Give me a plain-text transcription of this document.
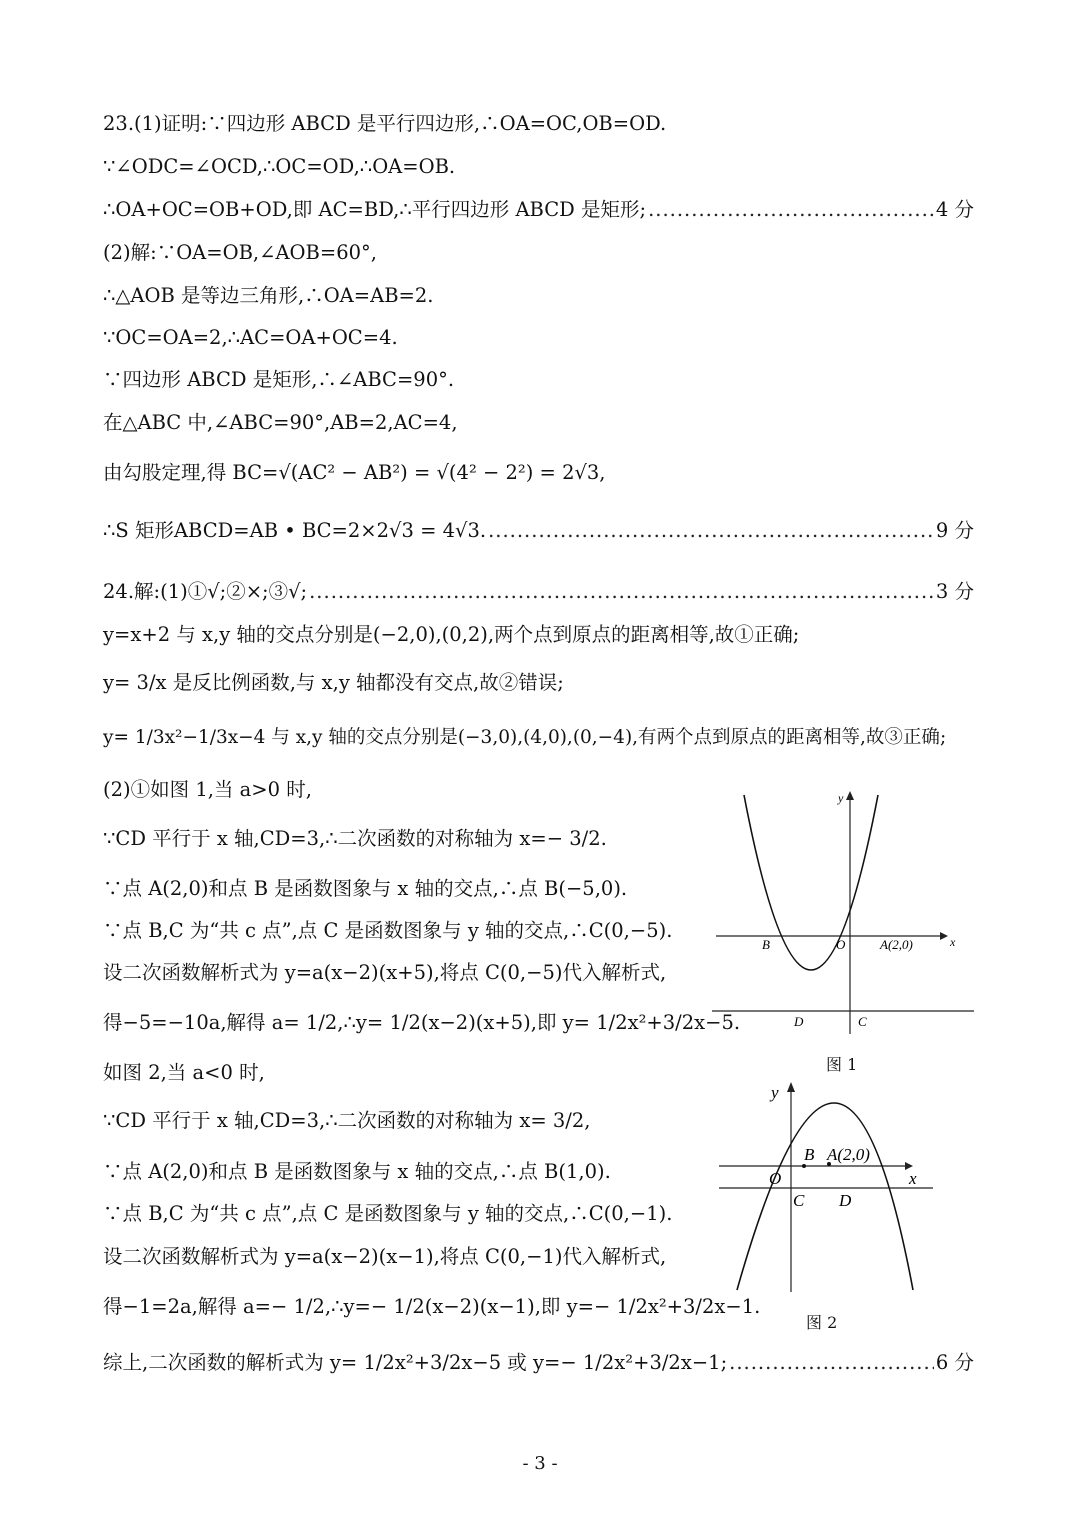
23.(1)证明:∵四边形 ABCD 是平行四边形,∴OA=OC,OB=OD.
∵∠ODC=∠OCD,∴OC=OD,∴OA=OB.
∴OA+OC=OB+OD,即 AC=BD,∴平行四边形 ABCD 是矩形; .....	4 分
(2)解:∵OA=OB,∠AOB=60°,
∴△AOB 是等边三角形,∴OA=AB=2.
∵OC=OA=2,∴AC=OA+OC=4.
∵四边形 ABCD 是矩形,∴∠ABC=90°.
在△ABC 中,∠ABC=90°,AB=2,AC=4,
由勾股定理,得 BC=√(AC² − AB²) = √(4² − 2²) = 2√3,
∴S 矩形ABCD=AB • BC=2×2√3 = 4√3. .....	9 分
24.解:(1)①√;②×;③√; .....	3 分
y=x+2 与 x,y 轴的交点分别是(−2,0),(0,2),两个点到原点的距离相等,故①正确;
y= 3/x 是反比例函数,与 x,y 轴都没有交点,故②错误;
y= 1/3x²−1/3x−4 与 x,y 轴的交点分别是(−3,0),(4,0),(0,−4),有两个点到原点的距离相等,故③正确;
(2)①如图 1,当 a>0 时,
∵CD 平行于 x 轴,CD=3,∴二次函数的对称轴为 x=− 3/2.
∵点 A(2,0)和点 B 是函数图象与 x 轴的交点,∴点 B(−5,0).
∵点 B,C 为“共 c 点”,点 C 是函数图象与 y 轴的交点,∴C(0,−5).
设二次函数解析式为 y=a(x−2)(x+5),将点 C(0,−5)代入解析式,
得−5=−10a,解得 a= 1/2,∴y= 1/2(x−2)(x+5),即 y= 1/2x²+3/2x−5.
如图 2,当 a<0 时,
∵CD 平行于 x 轴,CD=3,∴二次函数的对称轴为 x= 3/2,
∵点 A(2,0)和点 B 是函数图象与 x 轴的交点,∴点 B(1,0).
∵点 B,C 为“共 c 点”,点 C 是函数图象与 y 轴的交点,∴C(0,−1).
设二次函数解析式为 y=a(x−2)(x−1),将点 C(0,−1)代入解析式,
得−1=2a,解得 a=− 1/2,∴y=− 1/2(x−2)(x−1),即 y=− 1/2x²+3/2x−1.
综上,二次函数的解析式为 y= 1/2x²+3/2x−5 或 y=− 1/2x²+3/2x−1; .....	6 分
B	O	A(2,0)	x
y
D	C
图 1
B A(2,0)
O	x
y
C D
图 2
- 3 -
